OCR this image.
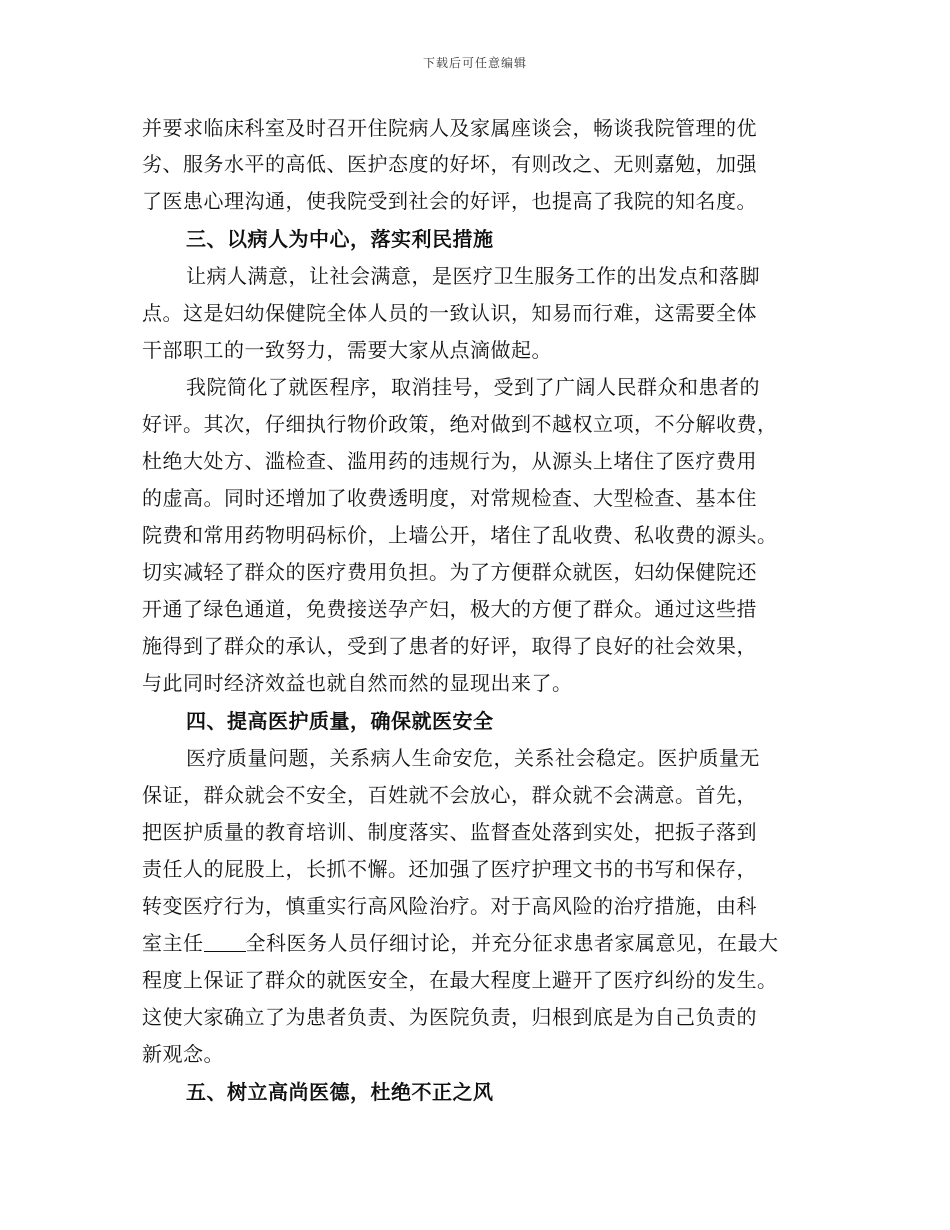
下载后可任意编辑
并要求临床科室及时召开住院病人及家属座谈会，畅谈我院管理的优
劣、服务水平的高低、医护态度的好坏，有则改之、无则嘉勉，加强
了医患心理沟通，使我院受到社会的好评，也提高了我院的知名度。
三、以病人为中心，落实利民措施
让病人满意，让社会满意，是医疗卫生服务工作的出发点和落脚
点。这是妇幼保健院全体人员的一致认识，知易而行难，这需要全体
干部职工的一致努力，需要大家从点滴做起。
我院简化了就医程序，取消挂号，受到了广阔人民群众和患者的
好评。其次，仔细执行物价政策，绝对做到不越权立项，不分解收费，
杜绝大处方、滥检查、滥用药的违规行为，从源头上堵住了医疗费用
的虚高。同时还增加了收费透明度，对常规检查、大型检查、基本住
院费和常用药物明码标价，上墙公开，堵住了乱收费、私收费的源头。
切实减轻了群众的医疗费用负担。为了方便群众就医，妇幼保健院还
开通了绿色通道，免费接送孕产妇，极大的方便了群众。通过这些措
施得到了群众的承认，受到了患者的好评，取得了良好的社会效果，
与此同时经济效益也就自然而然的显现出来了。
四、提高医护质量，确保就医安全
医疗质量问题，关系病人生命安危，关系社会稳定。医护质量无
保证，群众就会不安全，百姓就不会放心，群众就不会满意。首先，
把医护质量的教育培训、制度落实、监督查处落到实处，把扳子落到
责任人的屁股上，长抓不懈。还加强了医疗护理文书的书写和保存，
转变医疗行为，慎重实行高风险治疗。对于高风险的治疗措施，由科
室主任 全科医务人员仔细讨论，并充分征求患者家属意见，在最大
程度上保证了群众的就医安全，在最大程度上避开了医疗纠纷的发生。
这使大家确立了为患者负责、为医院负责，归根到底是为自己负责的
新观念。
五、树立高尚医德，杜绝不正之风
